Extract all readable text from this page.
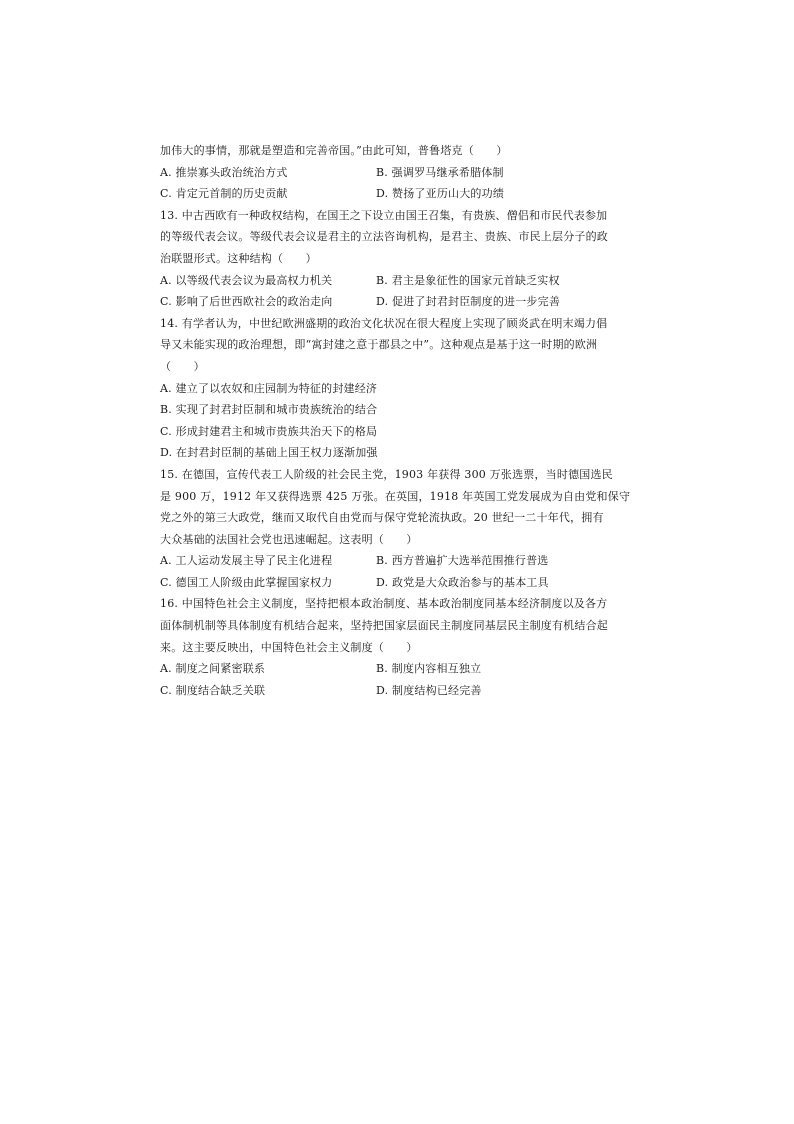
加伟大的事情，那就是塑造和完善帝国。”由此可知，普鲁塔克（　　）
A. 推崇寡头政治统治方式	B. 强调罗马继承希腊体制
C. 肯定元首制的历史贡献	D. 赞扬了亚历山大的功绩
13. 中古西欧有一种政权结构，在国王之下设立由国王召集，有贵族、僧侣和市民代表参加
的等级代表会议。等级代表会议是君主的立法咨询机构，是君主、贵族、市民上层分子的政
治联盟形式。这种结构（　　）
A. 以等级代表会议为最高权力机关	B. 君主是象征性的国家元首缺乏实权
C. 影响了后世西欧社会的政治走向	D. 促进了封君封臣制度的进一步完善
14. 有学者认为，中世纪欧洲盛期的政治文化状况在很大程度上实现了顾炎武在明末竭力倡
导又未能实现的政治理想，即“寓封建之意于郡县之中”。这种观点是基于这一时期的欧洲
（　　）
A. 建立了以农奴和庄园制为特征的封建经济
B. 实现了封君封臣制和城市贵族统治的结合
C. 形成封建君主和城市贵族共治天下的格局
D. 在封君封臣制的基础上国王权力逐渐加强
15. 在德国，宣传代表工人阶级的社会民主党，1903 年获得 300 万张选票，当时德国选民
是 900 万，1912 年又获得选票 425 万张。在英国，1918 年英国工党发展成为自由党和保守
党之外的第三大政党，继而又取代自由党而与保守党轮流执政。20 世纪一二十年代，拥有
大众基础的法国社会党也迅速崛起。这表明（　　）
A. 工人运动发展主导了民主化进程	B. 西方普遍扩大选举范围推行普选
C. 德国工人阶级由此掌握国家权力	D. 政党是大众政治参与的基本工具
16. 中国特色社会主义制度，坚持把根本政治制度、基本政治制度同基本经济制度以及各方
面体制机制等具体制度有机结合起来，坚持把国家层面民主制度同基层民主制度有机结合起
来。这主要反映出，中国特色社会主义制度（　　）
A. 制度之间紧密联系	B. 制度内容相互独立
C. 制度结合缺乏关联	D. 制度结构已经完善
